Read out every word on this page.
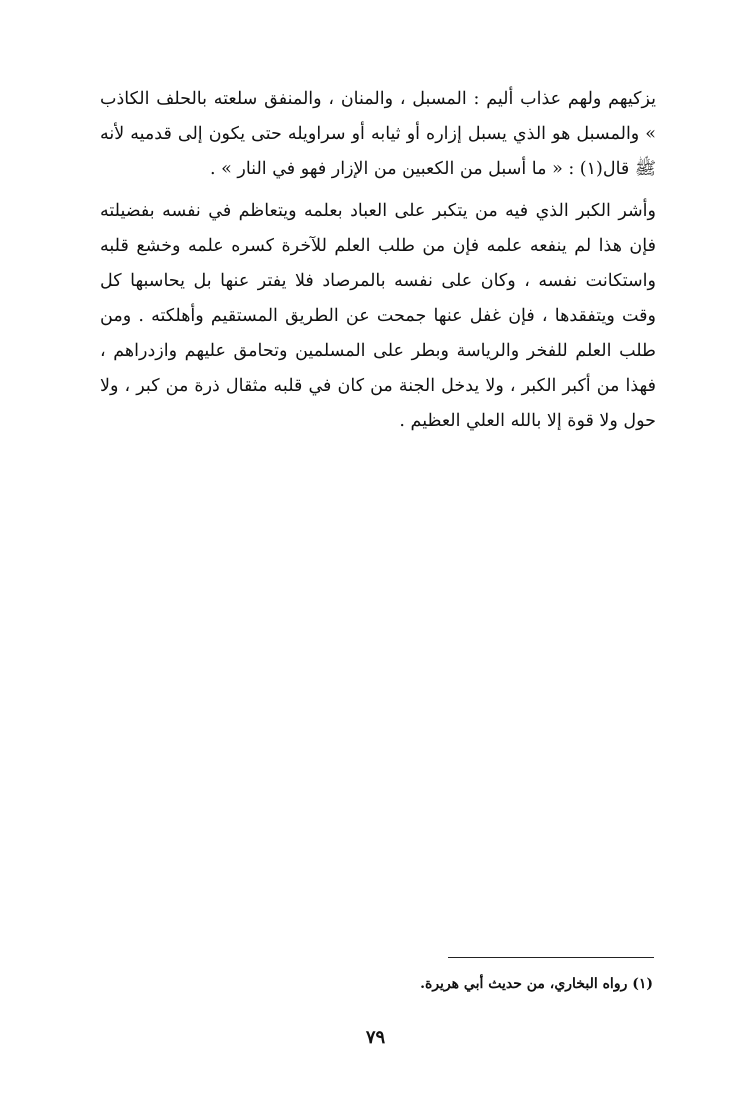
يزكيهم ولهم عذاب أليم : المسبل ، والمنان ، والمنفق سلعته بالحلف الكاذب » والمسبل هو الذي يسبل إزاره أو ثيابه أو سراويله حتى يكون إلى قدميه لأنه ﷺ قال(١) : « ما أسبل من الكعبين من الإزار فهو في النار » .

وأشر الكبر الذي فيه من يتكبر على العباد بعلمه ويتعاظم في نفسه بفضيلته فإن هذا لم ينفعه علمه فإن من طلب العلم للآخرة كسره علمه وخشع قلبه واستكانت نفسه ، وكان على نفسه بالمرصاد فلا يفتر عنها بل يحاسبها كل وقت ويتفقدها ، فإن غفل عنها جمحت عن الطريق المستقيم وأهلكته . ومن طلب العلم للفخر والرياسة وبطر على المسلمين وتحامق عليهم وازدراهم ، فهذا من أكبر الكبر ، ولا يدخل الجنة من كان في قلبه مثقال ذرة من كبر ، ولا حول ولا قوة إلا بالله العلي العظيم .

(١) رواه البخاري، من حديث أبي هريرة.
٧٩
